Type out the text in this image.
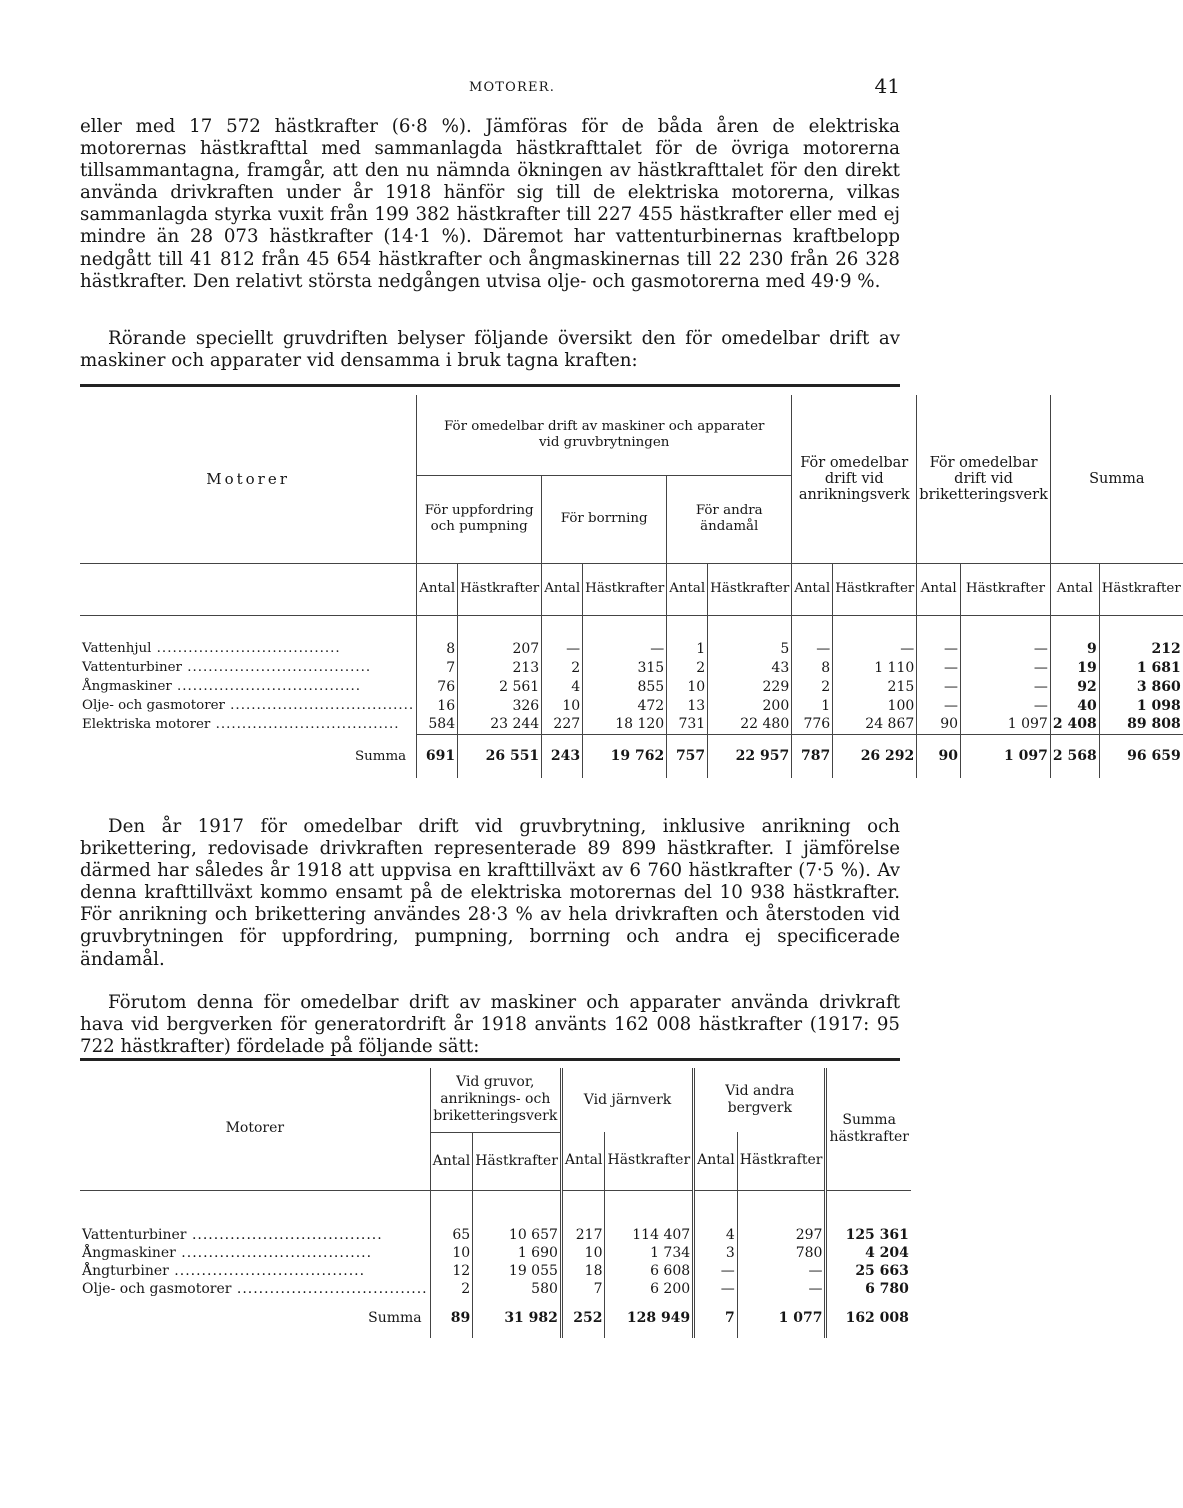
MOTORER.	41

eller med 17 572 hästkrafter (6·8 %). Jämföras för de båda åren de elektriska motorernas hästkrafttal med sammanlagda hästkrafttalet för de övriga motorerna tillsammantagna, framgår, att den nu nämnda ökningen av hästkrafttalet för den direkt använda drivkraften under år 1918 hänför sig till de elektriska motorerna, vilkas sammanlagda styrka vuxit från 199 382 hästkrafter till 227 455 hästkrafter eller med ej mindre än 28 073 hästkrafter (14·1 %). Däremot har vattenturbinernas kraftbelopp nedgått till 41 812 från 45 654 hästkrafter och ångmaskinernas till 22 230 från 26 328 hästkrafter. Den relativt största nedgången utvisa olje- och gasmotorerna med 49·9 %.

Rörande speciellt gruvdriften belyser följande översikt den för omedelbar drift av maskiner och apparater vid densamma i bruk tagna kraften:

Motorer	För omedelbar drift av maskiner och apparater vid gruvbrytningen						För omedelbar drift vid anrikningsverk		För omedelbar drift vid briketteringsverk		Summa	
	För uppfordring och pumpning		För borrning		För andra ändamål							
	Antal	Hästkrafter	Antal	Hästkrafter	Antal	Hästkrafter	Antal	Hästkrafter	Antal	Hästkrafter	Antal	Hästkrafter

Vattenhjul .....	8	207	—	—	1	5	—	—	—	—	9	212

Vattenturbiner .....	7	213	2	315	2	43	8	1 110	—	—	19	1 681

Ångmaskiner .....	76	2 561	4	855	10	229	2	215	—	—	92	3 860

Olje- och gasmotorer .....	16	326	10	472	13	200	1	100	—	—	40	1 098

Elektriska motorer .....	584	23 244	227	18 120	731	22 480	776	24 867	90	1 097	2 408	89 808
Summa	691	26 551	243	19 762	757	22 957	787	26 292	90	1 097	2 568	96 659

Den år 1917 för omedelbar drift vid gruvbrytning, inklusive anrikning och brikettering, redovisade drivkraften representerade 89 899 hästkrafter. I jämförelse därmed har således år 1918 att uppvisa en krafttillväxt av 6 760 hästkrafter (7·5 %). Av denna krafttillväxt kommo ensamt på de elektriska motorernas del 10 938 hästkrafter. För anrikning och brikettering användes 28·3 % av hela drivkraften och återstoden vid gruvbrytningen för uppfordring, pumpning, borrning och andra ej specificerade ändamål.

Förutom denna för omedelbar drift av maskiner och apparater använda drivkraft hava vid bergverken för generatordrift år 1918 använts 162 008 hästkrafter (1917: 95 722 hästkrafter) fördelade på följande sätt:

Motorer	Vid gruvor, anriknings- och briketteringsverk		Vid järnverk		Vid andra bergverk		Summa hästkrafter
	Antal	Hästkrafter	Antal	Hästkrafter	Antal	Hästkrafter	

Vattenturbiner .....	65	10 657	217	114 407	4	297	125 361

Ångmaskiner .....	10	1 690	10	1 734	3	780	4 204

Ångturbiner .....	12	19 055	18	6 608	—	—	25 663

Olje- och gasmotorer .....	2	580	7	6 200	—	—	6 780
Summa	89	31 982	252	128 949	7	1 077	162 008
